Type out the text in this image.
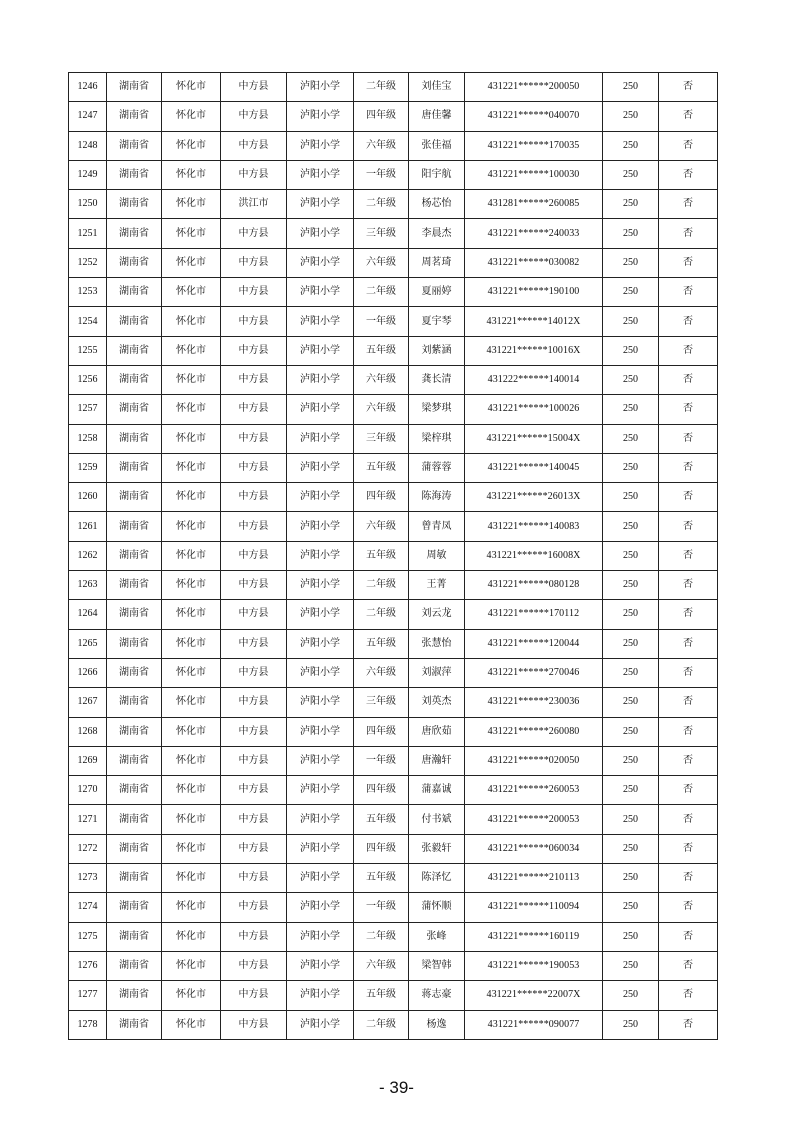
1246	湖南省	怀化市	中方县	泸阳小学	二年级	刘佳宝	431221******200050	250	否
1247	湖南省	怀化市	中方县	泸阳小学	四年级	唐佳馨	431221******040070	250	否
1248	湖南省	怀化市	中方县	泸阳小学	六年级	张佳福	431221******170035	250	否
1249	湖南省	怀化市	中方县	泸阳小学	一年级	阳宇航	431221******100030	250	否
1250	湖南省	怀化市	洪江市	泸阳小学	二年级	杨芯怡	431281******260085	250	否
1251	湖南省	怀化市	中方县	泸阳小学	三年级	李晨杰	431221******240033	250	否
1252	湖南省	怀化市	中方县	泸阳小学	六年级	周茗琦	431221******030082	250	否
1253	湖南省	怀化市	中方县	泸阳小学	二年级	夏丽婷	431221******190100	250	否
1254	湖南省	怀化市	中方县	泸阳小学	一年级	夏宇琴	431221******14012X	250	否
1255	湖南省	怀化市	中方县	泸阳小学	五年级	刘紫涵	431221******10016X	250	否
1256	湖南省	怀化市	中方县	泸阳小学	六年级	龚长清	431222******140014	250	否
1257	湖南省	怀化市	中方县	泸阳小学	六年级	梁梦琪	431221******100026	250	否
1258	湖南省	怀化市	中方县	泸阳小学	三年级	梁梓琪	431221******15004X	250	否
1259	湖南省	怀化市	中方县	泸阳小学	五年级	蒲蓉蓉	431221******140045	250	否
1260	湖南省	怀化市	中方县	泸阳小学	四年级	陈海涛	431221******26013X	250	否
1261	湖南省	怀化市	中方县	泸阳小学	六年级	曾青凤	431221******140083	250	否
1262	湖南省	怀化市	中方县	泸阳小学	五年级	周敏	431221******16008X	250	否
1263	湖南省	怀化市	中方县	泸阳小学	二年级	王菁	431221******080128	250	否
1264	湖南省	怀化市	中方县	泸阳小学	二年级	刘云龙	431221******170112	250	否
1265	湖南省	怀化市	中方县	泸阳小学	五年级	张慧怡	431221******120044	250	否
1266	湖南省	怀化市	中方县	泸阳小学	六年级	刘淑萍	431221******270046	250	否
1267	湖南省	怀化市	中方县	泸阳小学	三年级	刘英杰	431221******230036	250	否
1268	湖南省	怀化市	中方县	泸阳小学	四年级	唐欣茹	431221******260080	250	否
1269	湖南省	怀化市	中方县	泸阳小学	一年级	唐瀚轩	431221******020050	250	否
1270	湖南省	怀化市	中方县	泸阳小学	四年级	蒲嘉诚	431221******260053	250	否
1271	湖南省	怀化市	中方县	泸阳小学	五年级	付书斌	431221******200053	250	否
1272	湖南省	怀化市	中方县	泸阳小学	四年级	张毅轩	431221******060034	250	否
1273	湖南省	怀化市	中方县	泸阳小学	五年级	陈泽忆	431221******210113	250	否
1274	湖南省	怀化市	中方县	泸阳小学	一年级	蒲怀顺	431221******110094	250	否
1275	湖南省	怀化市	中方县	泸阳小学	二年级	张峰	431221******160119	250	否
1276	湖南省	怀化市	中方县	泸阳小学	六年级	梁智韩	431221******190053	250	否
1277	湖南省	怀化市	中方县	泸阳小学	五年级	蒋志豪	431221******22007X	250	否
1278	湖南省	怀化市	中方县	泸阳小学	二年级	杨逸	431221******090077	250	否
- 39-
